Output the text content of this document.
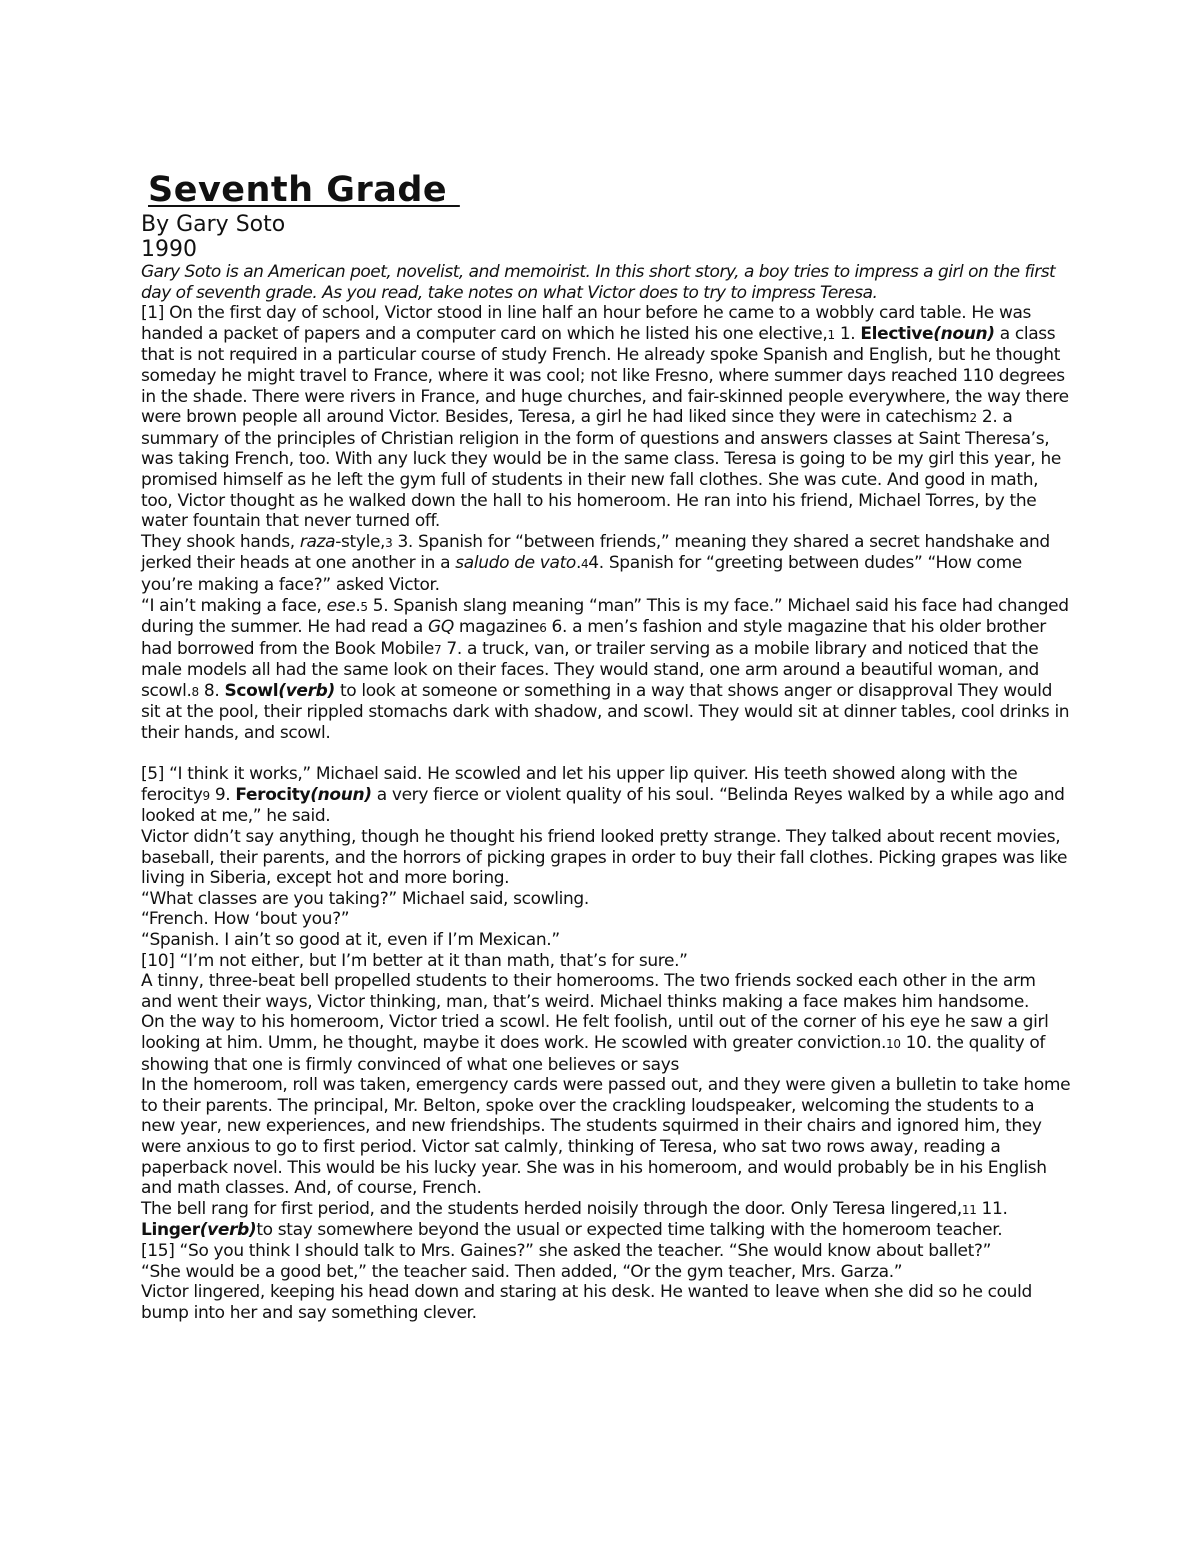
Seventh Grade
By Gary Soto
1990

Gary Soto is an American poet, novelist, and memoirist. In this short story, a boy tries to impress a girl on the first day of seventh grade. As you read, take notes on what Victor does to try to impress Teresa.

[1] On the first day of school, Victor stood in line half an hour before he came to a wobbly card table. He was handed a packet of papers and a computer card on which he listed his one elective,1 1. Elective(noun) a class that is not required in a particular course of study French. He already spoke Spanish and English, but he thought someday he might travel to France, where it was cool; not like Fresno, where summer days reached 110 degrees in the shade. There were rivers in France, and huge churches, and fair-skinned people everywhere, the way there were brown people all around Victor. Besides, Teresa, a girl he had liked since they were in catechism2 2. a summary of the principles of Christian religion in the form of questions and answers classes at Saint Theresa’s, was taking French, too. With any luck they would be in the same class. Teresa is going to be my girl this year, he promised himself as he left the gym full of students in their new fall clothes. She was cute. And good in math, too, Victor thought as he walked down the hall to his homeroom. He ran into his friend, Michael Torres, by the water fountain that never turned off.

They shook hands, raza-style,3 3. Spanish for “between friends,” meaning they shared a secret handshake and jerked their heads at one another in a saludo de vato.44. Spanish for “greeting between dudes” “How come you’re making a face?” asked Victor.

“I ain’t making a face, ese.5 5. Spanish slang meaning “man” This is my face.” Michael said his face had changed during the summer. He had read a GQ magazine6 6. a men’s fashion and style magazine that his older brother had borrowed from the Book Mobile7 7. a truck, van, or trailer serving as a mobile library and noticed that the male models all had the same look on their faces. They would stand, one arm around a beautiful woman, and scowl.8 8. Scowl(verb) to look at someone or something in a way that shows anger or disapproval They would sit at the pool, their rippled stomachs dark with shadow, and scowl. They would sit at dinner tables, cool drinks in their hands, and scowl.

[5] “I think it works,” Michael said. He scowled and let his upper lip quiver. His teeth showed along with the ferocity9 9. Ferocity(noun) a very fierce or violent quality of his soul. “Belinda Reyes walked by a while ago and looked at me,” he said.

Victor didn’t say anything, though he thought his friend looked pretty strange. They talked about recent movies, baseball, their parents, and the horrors of picking grapes in order to buy their fall clothes. Picking grapes was like living in Siberia, except hot and more boring.

“What classes are you taking?” Michael said, scowling.

“French. How ‘bout you?”

“Spanish. I ain’t so good at it, even if I’m Mexican.”

[10] “I’m not either, but I’m better at it than math, that’s for sure.”

A tinny, three-beat bell propelled students to their homerooms. The two friends socked each other in the arm and went their ways, Victor thinking, man, that’s weird. Michael thinks making a face makes him handsome.

On the way to his homeroom, Victor tried a scowl. He felt foolish, until out of the corner of his eye he saw a girl looking at him. Umm, he thought, maybe it does work. He scowled with greater conviction.10 10. the quality of showing that one is firmly convinced of what one believes or says

In the homeroom, roll was taken, emergency cards were passed out, and they were given a bulletin to take home to their parents. The principal, Mr. Belton, spoke over the crackling loudspeaker, welcoming the students to a new year, new experiences, and new friendships. The students squirmed in their chairs and ignored him, they were anxious to go to first period. Victor sat calmly, thinking of Teresa, who sat two rows away, reading a paperback novel. This would be his lucky year. She was in his homeroom, and would probably be in his English and math classes. And, of course, French.

The bell rang for first period, and the students herded noisily through the door. Only Teresa lingered,11 11. Linger(verb)to stay somewhere beyond the usual or expected time talking with the homeroom teacher.

[15] “So you think I should talk to Mrs. Gaines?” she asked the teacher. “She would know about ballet?”

“She would be a good bet,” the teacher said. Then added, “Or the gym teacher, Mrs. Garza.”

Victor lingered, keeping his head down and staring at his desk. He wanted to leave when she did so he could bump into her and say something clever.
